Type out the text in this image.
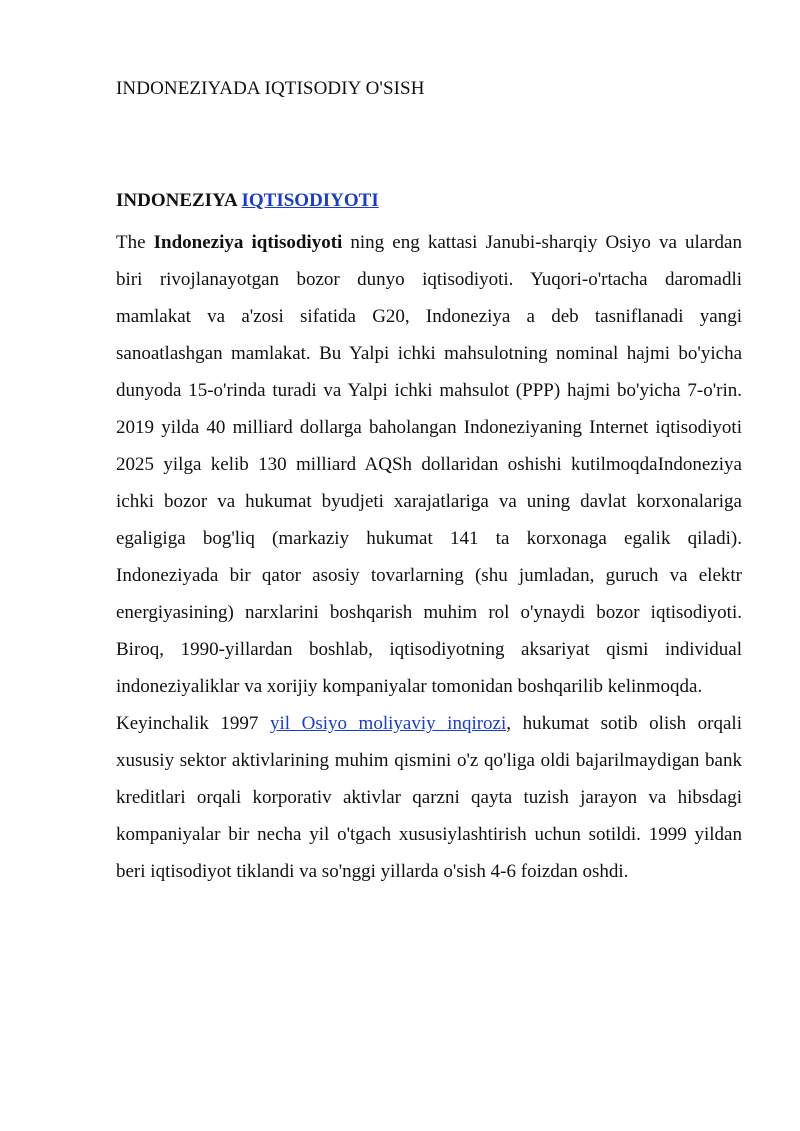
INDONEZIYADA IQTISODIY O'SISH
INDONEZIYA IQTISODIYOTI

The Indoneziya iqtisodiyoti ning eng kattasi Janubi-sharqiy Osiyo va ulardan biri rivojlanayotgan bozor dunyo iqtisodiyoti. Yuqori-o'rtacha daromadli mamlakat va a'zosi sifatida G20, Indoneziya a deb tasniflanadi yangi sanoatlashgan mamlakat. Bu Yalpi ichki mahsulotning nominal hajmi bo'yicha dunyoda 15-o'rinda turadi va Yalpi ichki mahsulot (PPP) hajmi bo'yicha 7-o'rin. 2019 yilda 40 milliard dollarga baholangan Indoneziyaning Internet iqtisodiyoti 2025 yilga kelib 130 milliard AQSh dollaridan oshishi kutilmoqdaIndoneziya ichki bozor va hukumat byudjeti xarajatlariga va uning davlat korxonalariga egaligiga bog'liq (markaziy hukumat 141 ta korxonaga egalik qiladi). Indoneziyada bir qator asosiy tovarlarning (shu jumladan, guruch va elektr energiyasining) narxlarini boshqarish muhim rol o'ynaydi bozor iqtisodiyoti. Biroq, 1990-yillardan boshlab, iqtisodiyotning aksariyat qismi individual indoneziyaliklar va xorijiy kompaniyalar tomonidan boshqarilib kelinmoqda.

Keyinchalik 1997 yil Osiyo moliyaviy inqirozi, hukumat sotib olish orqali xususiy sektor aktivlarining muhim qismini o'z qo'liga oldi bajarilmaydigan bank kreditlari orqali korporativ aktivlar qarzni qayta tuzish jarayon va hibsdagi kompaniyalar bir necha yil o'tgach xususiylashtirish uchun sotildi. 1999 yildan beri iqtisodiyot tiklandi va so'nggi yillarda o'sish 4-6 foizdan oshdi.
